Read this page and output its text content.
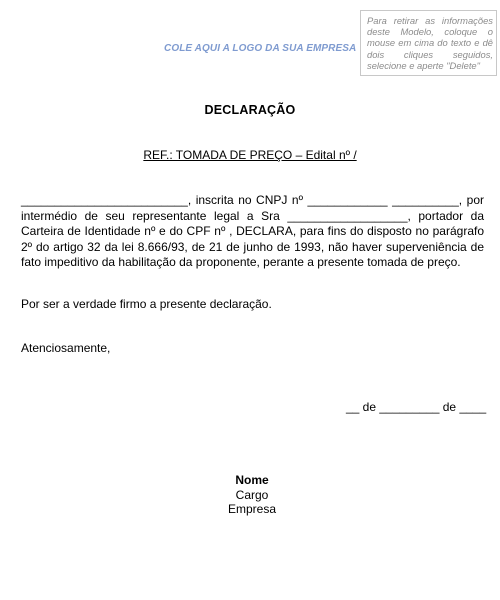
COLE AQUI A LOGO DA SUA EMPRESA
Para retirar as informações deste Modelo, coloque o mouse em cima do texto e dê dois cliques seguidos, selecione e aperte "Delete"
DECLARAÇÃO
REF.: TOMADA DE PREÇO – Edital nº /
_________________________, inscrita no CNPJ nº ____________ __________, por intermédio de seu representante legal a Sra __________________, portador da Carteira de Identidade nº e do CPF nº , DECLARA, para fins do disposto no parágrafo 2º do artigo 32 da lei 8.666/93, de 21 de junho de 1993, não haver superveniência de fato impeditivo da habilitação da proponente, perante a presente tomada de preço.
Por ser a verdade firmo a presente declaração.
Atenciosamente,
__ de _________ de ____
Nome
Cargo
Empresa
